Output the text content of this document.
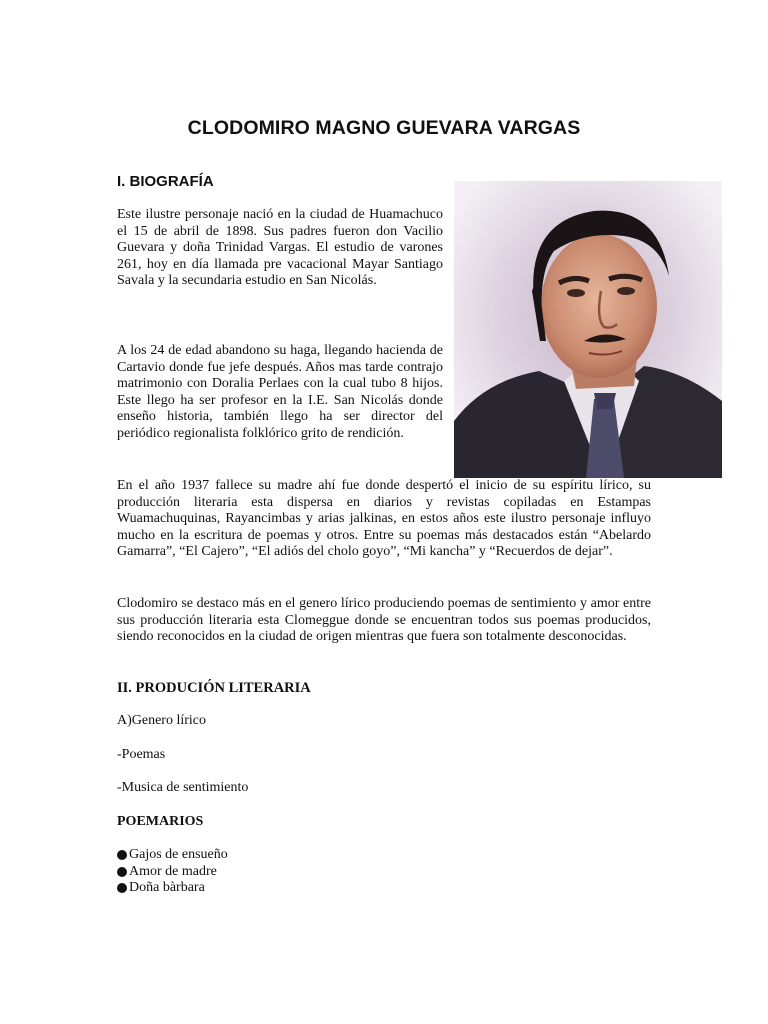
CLODOMIRO MAGNO GUEVARA VARGAS
I. BIOGRAFÍA
Este ilustre personaje nació en la ciudad de Huamachuco el 15 de abril de 1898. Sus padres fueron don Vacilio Guevara y doña Trinidad Vargas. El estudio de varones 261, hoy en día llamada pre vacacional Mayar Santiago Savala y la secundaria estudio en San Nicolás.
A los 24 de edad abandono su haga, llegando hacienda de Cartavio donde fue jefe después. Años mas tarde contrajo matrimonio con Doralia Perlaes con la cual tubo 8 hijos. Este llego ha ser profesor en la I.E. San Nicolás donde enseño historia, también llego ha ser director del periódico regionalista folklórico grito de rendición.
En el año 1937 fallece su madre ahí fue donde despertó el inicio de su espíritu lírico, su producción literaria esta dispersa en diarios y revistas copiladas en Estampas Wuamachuquinas, Rayancimbas y arias jalkinas, en estos años este ilustro personaje influyo mucho en la escritura de poemas y otros. Entre su poemas más destacados están “Abelardo Gamarra”, “El Cajero”, “El adiós del cholo goyo”, “Mi kancha” y “Recuerdos de dejar”.
Clodomiro se destaco más en el genero lírico produciendo poemas de sentimiento y amor entre sus producción literaria esta Clomeggue donde se encuentran todos sus poemas producidos, siendo reconocidos en la ciudad de origen mientras que fuera son totalmente desconocidas.
II. PRODUCIÓN LITERARIA
A)Genero lírico
-Poemas
-Musica de sentimiento
POEMARIOS
Gajos de ensueño
Amor de madre
Doña bàrbara
